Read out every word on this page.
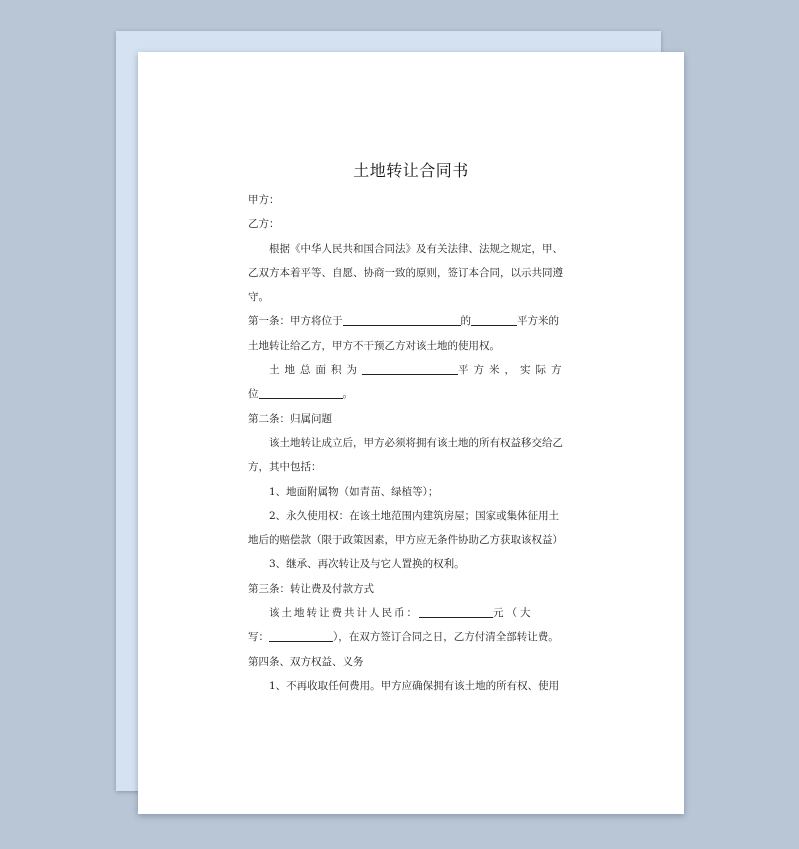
土地转让合同书
甲方：
乙方：
根据《中华人民共和国合同法》及有关法律、法规之规定，甲、
乙双方本着平等、自愿、协商一致的原则，签订本合同，以示共同遵
守。
第一条：甲方将位于	的	平方米的
土地转让给乙方，甲方不干预乙方对该土地的使用权。
土地总面积为	平方米，实际方
位	。
第二条：归属问题
该土地转让成立后，甲方必须将拥有该土地的所有权益移交给乙
方，其中包括：
1、地面附属物（如青苗、绿植等）；
2、永久使用权：在该土地范围内建筑房屋；国家或集体征用土
地后的赔偿款（限于政策因素，甲方应无条件协助乙方获取该权益）
3、继承、再次转让及与它人置换的权利。
第三条：转让费及付款方式
该土地转让费共计人民币：	元（大
写：	），在双方签订合同之日，乙方付清全部转让费。
第四条、双方权益、义务
1、不再收取任何费用。甲方应确保拥有该土地的所有权、使用
